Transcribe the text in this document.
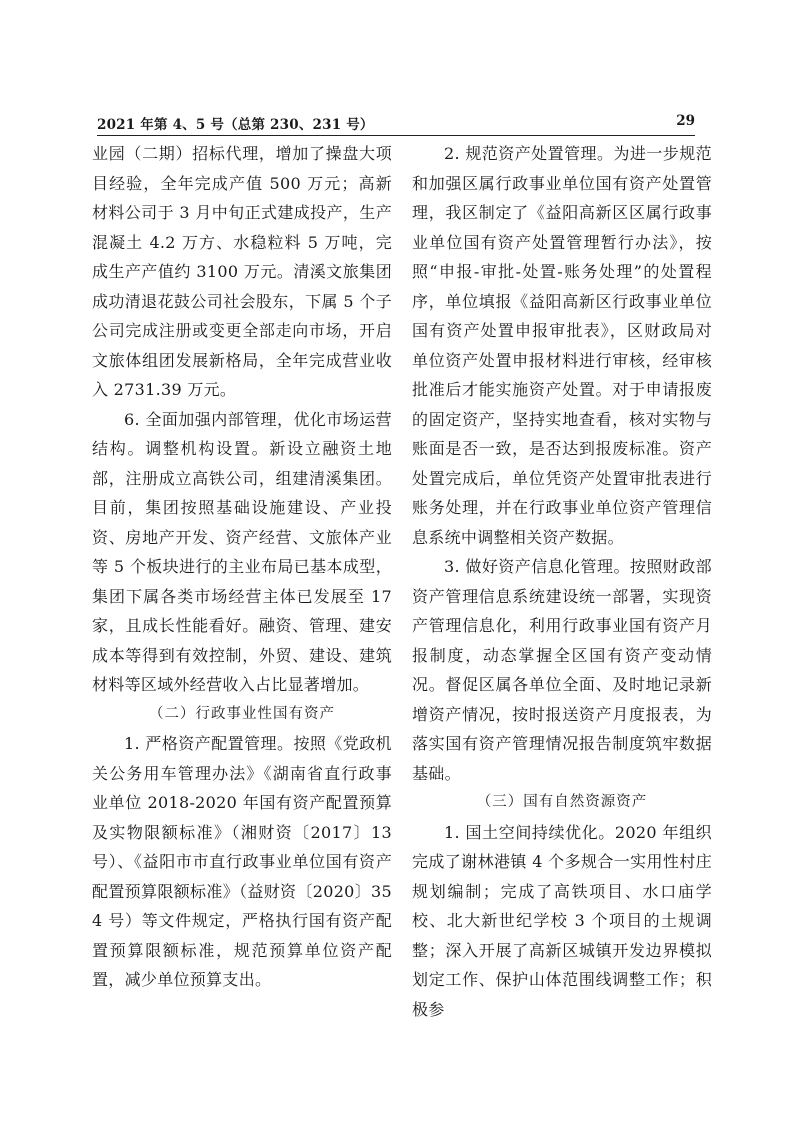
2021 年第 4、5 号（总第 230、231 号）	29

业园（二期）招标代理，增加了操盘大项目经验，全年完成产值 500 万元；高新材料公司于 3 月中旬正式建成投产，生产混凝土 4.2 万方、水稳粒料 5 万吨，完成生产产值约 3100 万元。清溪文旅集团成功清退花鼓公司社会股东，下属 5 个子公司完成注册或变更全部走向市场，开启文旅体组团发展新格局，全年完成营业收入 2731.39 万元。

6. 全面加强内部管理，优化市场运营结构。调整机构设置。新设立融资土地部，注册成立高铁公司，组建清溪集团。目前，集团按照基础设施建设、产业投资、房地产开发、资产经营、文旅体产业等 5 个板块进行的主业布局已基本成型，集团下属各类市场经营主体已发展至 17 家，且成长性能看好。融资、管理、建安成本等得到有效控制，外贸、建设、建筑材料等区域外经营收入占比显著增加。

（二）行政事业性国有资产

1. 严格资产配置管理。按照《党政机关公务用车管理办法》《湖南省直行政事业单位 2018-2020 年国有资产配置预算及实物限额标准》（湘财资〔2017〕13 号）、《益阳市市直行政事业单位国有资产配置预算限额标准》（益财资〔2020〕354 号）等文件规定，严格执行国有资产配置预算限额标准，规范预算单位资产配置，减少单位预算支出。

2. 规范资产处置管理。为进一步规范和加强区属行政事业单位国有资产处置管理，我区制定了《益阳高新区区属行政事业单位国有资产处置管理暂行办法》，按照“申报-审批-处置-账务处理”的处置程序，单位填报《益阳高新区行政事业单位国有资产处置申报审批表》，区财政局对单位资产处置申报材料进行审核，经审核批准后才能实施资产处置。对于申请报废的固定资产，坚持实地查看，核对实物与账面是否一致，是否达到报废标准。资产处置完成后，单位凭资产处置审批表进行账务处理，并在行政事业单位资产管理信息系统中调整相关资产数据。

3. 做好资产信息化管理。按照财政部资产管理信息系统建设统一部署，实现资产管理信息化，利用行政事业国有资产月报制度，动态掌握全区国有资产变动情况。督促区属各单位全面、及时地记录新增资产情况，按时报送资产月度报表，为落实国有资产管理情况报告制度筑牢数据基础。

（三）国有自然资源资产

1. 国土空间持续优化。2020 年组织完成了谢林港镇 4 个多规合一实用性村庄规划编制；完成了高铁项目、水口庙学校、北大新世纪学校 3 个项目的土规调整；深入开展了高新区城镇开发边界模拟划定工作、保护山体范围线调整工作；积极参
